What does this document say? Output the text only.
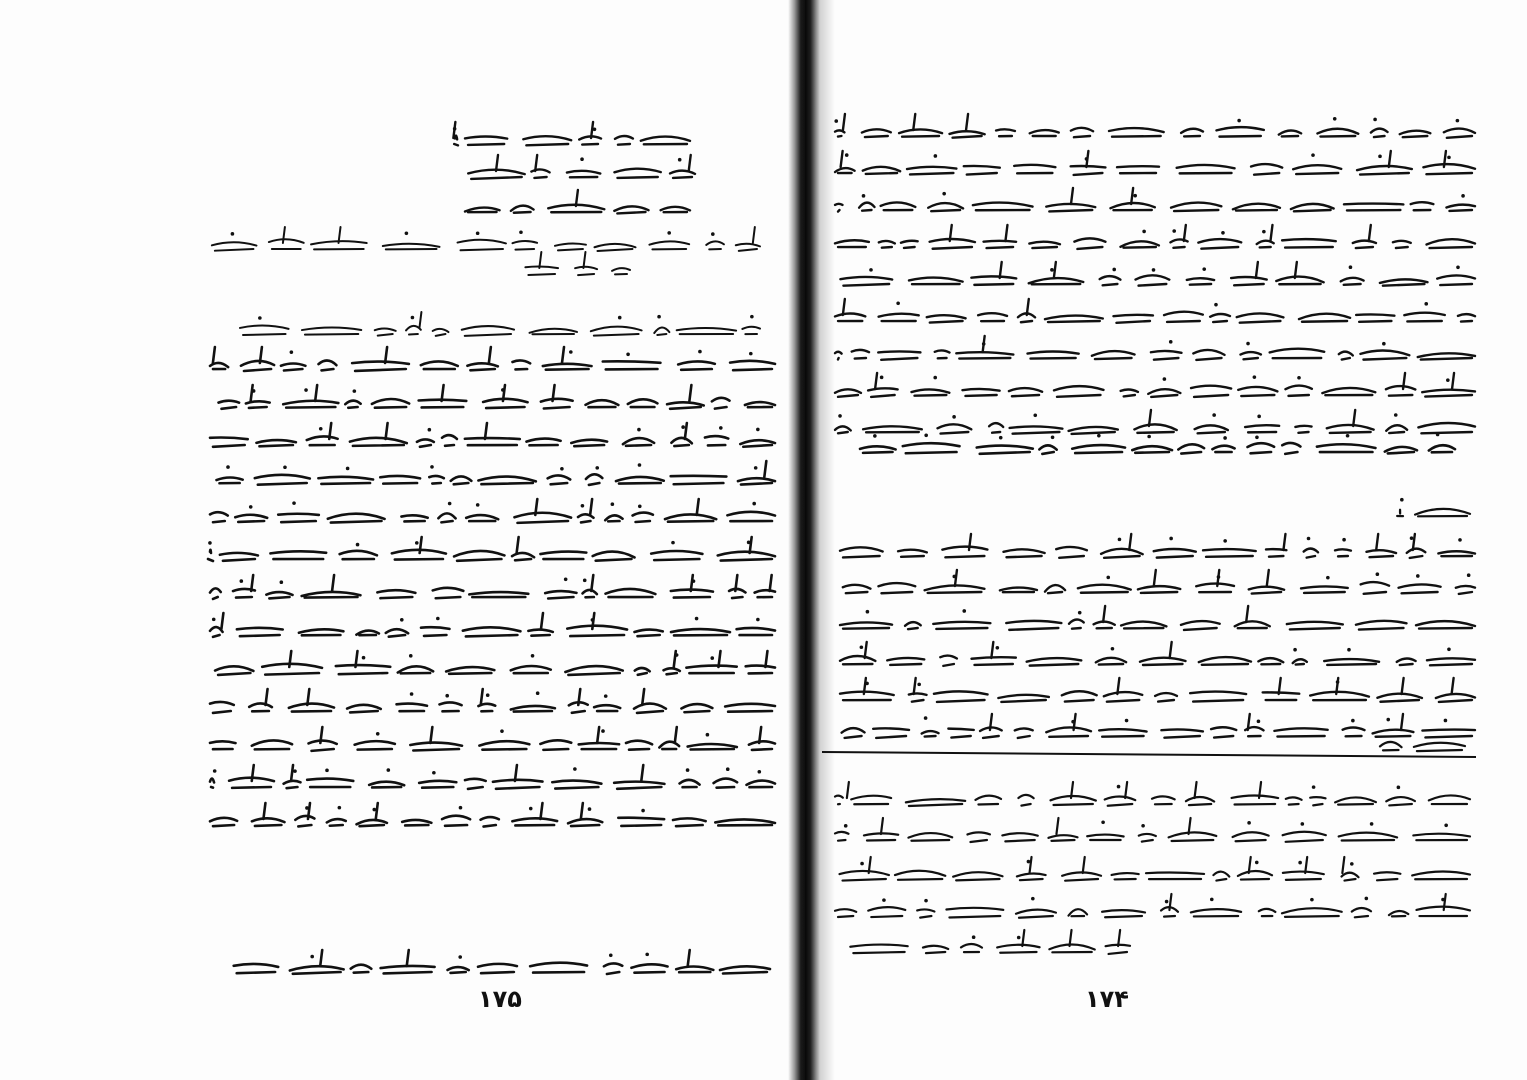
۱۷۵	۱۷۴
